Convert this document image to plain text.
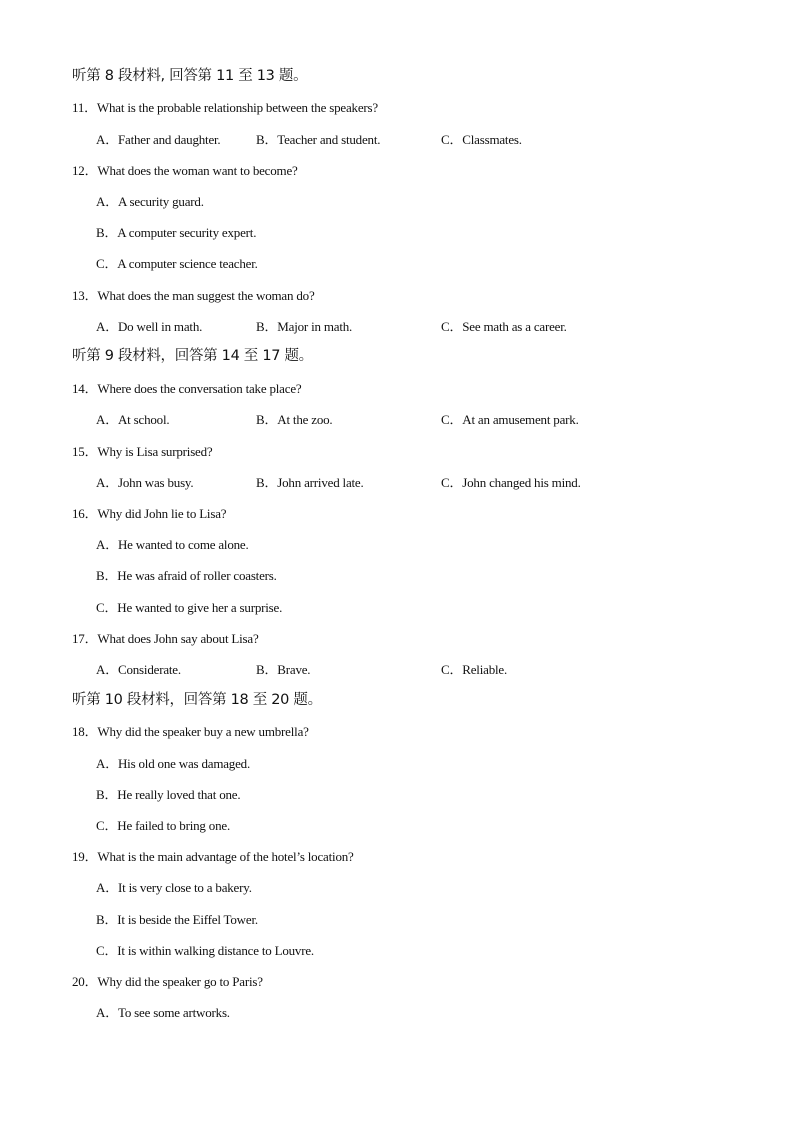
听第 8 段材料, 回答第 11 至 13 题。
11．What is the probable relationship between the speakers?
A．Father and daughter.	B．Teacher and student.	C．Classmates.
12．What does the woman want to become?
A．A security guard.
B．A computer security expert.
C．A computer science teacher.
13．What does the man suggest the woman do?
A．Do well in math.	B．Major in math.	C．See math as a career.
听第 9 段材料，回答第 14 至 17 题。
14．Where does the conversation take place?
A．At school.	B．At the zoo.	C．At an amusement park.
15．Why is Lisa surprised?
A．John was busy.	B．John arrived late.	C．John changed his mind.
16．Why did John lie to Lisa?
A．He wanted to come alone.
B．He was afraid of roller coasters.
C．He wanted to give her a surprise.
17．What does John say about Lisa?
A．Considerate.	B．Brave.	C．Reliable.
听第 10 段材料，回答第 18 至 20 题。
18．Why did the speaker buy a new umbrella?
A．His old one was damaged.
B．He really loved that one.
C．He failed to bring one.
19．What is the main advantage of the hotel’s location?
A．It is very close to a bakery.
B．It is beside the Eiffel Tower.
C．It is within walking distance to Louvre.
20．Why did the speaker go to Paris?
A．To see some artworks.
